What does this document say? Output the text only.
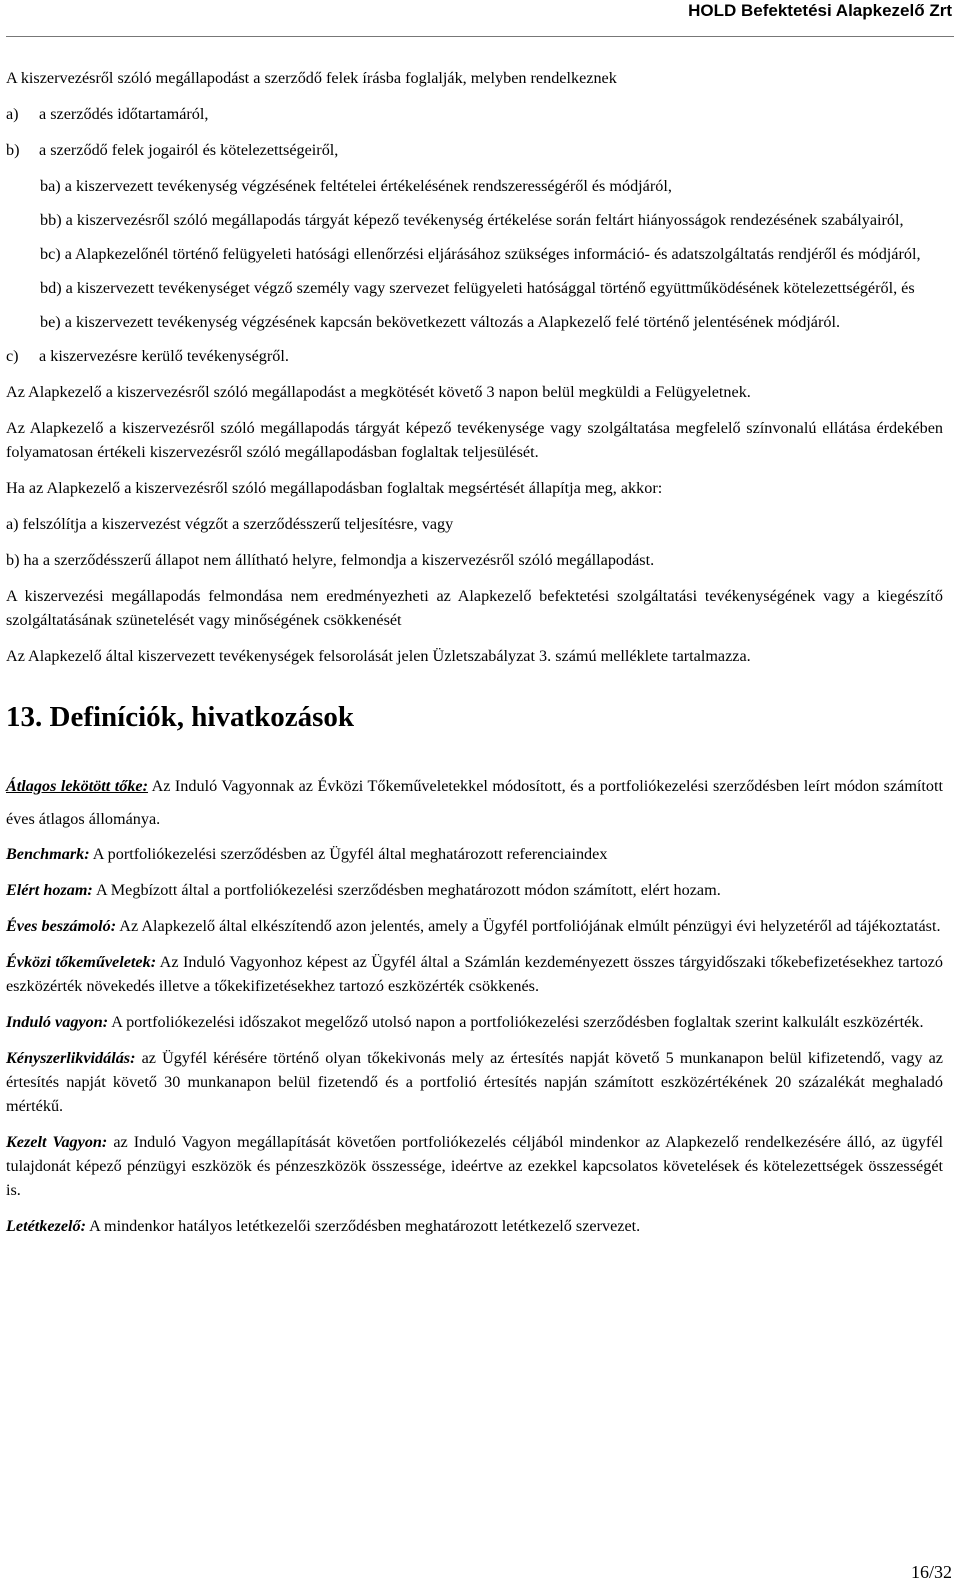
HOLD Befektetési Alapkezelő Zrt

A kiszervezésről szóló megállapodást a szerződő felek írásba foglalják, melyben rendelkeznek

a)	a szerződés időtartamáról,
b)	a szerződő felek jogairól és kötelezettségeiről,

ba) a kiszervezett tevékenység végzésének feltételei értékelésének rendszerességéről és módjáról,

bb) a kiszervezésről szóló megállapodás tárgyát képező tevékenység értékelése során feltárt hiányosságok rendezésének szabályairól,

bc) a Alapkezelőnél történő felügyeleti hatósági ellenőrzési eljárásához szükséges információ- és adatszolgáltatás rendjéről és módjáról,

bd) a kiszervezett tevékenységet végző személy vagy szervezet felügyeleti hatósággal történő együttműködésének kötelezettségéről, és

be) a kiszervezett tevékenység végzésének kapcsán bekövetkezett változás a Alapkezelő felé történő jelentésének módjáról.

c)	a kiszervezésre kerülő tevékenységről.

Az Alapkezelő a kiszervezésről szóló megállapodást a megkötését követő 3 napon belül megküldi a Felügyeletnek.

Az Alapkezelő a kiszervezésről szóló megállapodás tárgyát képező tevékenysége vagy szolgáltatása megfelelő színvonalú ellátása érdekében folyamatosan értékeli kiszervezésről szóló megállapodásban foglaltak teljesülését.

Ha az Alapkezelő a kiszervezésről szóló megállapodásban foglaltak megsértését állapítja meg, akkor:

a) felszólítja a kiszervezést végzőt a szerződésszerű teljesítésre, vagy

b) ha a szerződésszerű állapot nem állítható helyre, felmondja a kiszervezésről szóló megállapodást.

A kiszervezési megállapodás felmondása nem eredményezheti az Alapkezelő befektetési szolgáltatási tevékenységének vagy a kiegészítő szolgáltatásának szünetelését vagy minőségének csökkenését

Az Alapkezelő által kiszervezett tevékenységek felsorolását jelen Üzletszabályzat 3. számú melléklete tartalmazza.

13. Definíciók, hivatkozások

Átlagos lekötött tőke: Az Induló Vagyonnak az Évközi Tőkeműveletekkel módosított, és a portfoliókezelési szerződésben leírt módon számított éves átlagos állománya.

Benchmark: A portfoliókezelési szerződésben az Ügyfél által meghatározott referenciaindex

Elért hozam: A Megbízott által a portfoliókezelési szerződésben meghatározott módon számított, elért hozam.

Éves beszámoló: Az Alapkezelő által elkészítendő azon jelentés, amely a Ügyfél portfoliójának elmúlt pénzügyi évi helyzetéről ad tájékoztatást.

Évközi tőkeműveletek: Az Induló Vagyonhoz képest az Ügyfél által a Számlán kezdeményezett összes tárgyidőszaki tőkebefizetésekhez tartozó eszközérték növekedés illetve a tőkekifizetésekhez tartozó eszközérték csökkenés.

Induló vagyon: A portfoliókezelési időszakot megelőző utolsó napon a portfoliókezelési szerződésben foglaltak szerint kalkulált eszközérték.

Kényszerlikvidálás: az Ügyfél kérésére történő olyan tőkekivonás mely az értesítés napját követő 5 munkanapon belül kifizetendő, vagy az értesítés napját követő 30 munkanapon belül fizetendő és a portfolió értesítés napján számított eszközértékének 20 százalékát meghaladó mértékű.

Kezelt Vagyon: az Induló Vagyon megállapítását követően portfoliókezelés céljából mindenkor az Alapkezelő rendelkezésére álló, az ügyfél tulajdonát képező pénzügyi eszközök és pénzeszközök összessége, ideértve az ezekkel kapcsolatos követelések és kötelezettségek összességét is.

Letétkezelő: A mindenkor hatályos letétkezelői szerződésben meghatározott letétkezelő szervezet.

16/32
